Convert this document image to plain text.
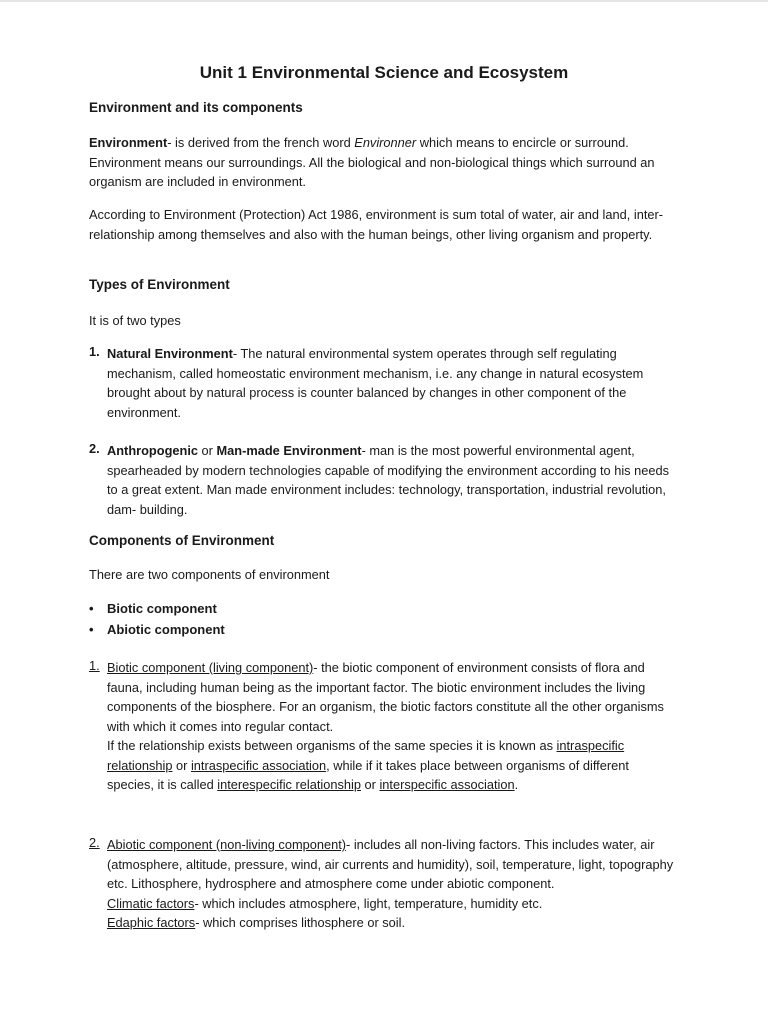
Unit 1 Environmental Science and Ecosystem
Environment and its components

Environment- is derived from the french word Environner which means to encircle or surround. Environment means our surroundings. All the biological and non-biological things which surround an organism are included in environment.

According to Environment (Protection) Act 1986, environment is sum total of water, air and land, inter-relationship among themselves and also with the human beings, other living organism and property.

Types of Environment

It is of two types

1. Natural Environment- The natural environmental system operates through self regulating mechanism, called homeostatic environment mechanism, i.e. any change in natural ecosystem brought about by natural process is counter balanced by changes in other component of the environment.

2. Anthropogenic or Man-made Environment- man is the most powerful environmental agent, spearheaded by modern technologies capable of modifying the environment according to his needs to a great extent. Man made environment includes: technology, transportation, industrial revolution, dam- building.

Components of Environment

There are two components of environment

• Biotic component
• Abiotic component
1. Biotic component (living component)- the biotic component of environment consists of flora and fauna, including human being as the important factor. The biotic environment includes the living components of the biosphere. For an organism, the biotic factors constitute all the other organisms with which it comes into regular contact.
If the relationship exists between organisms of the same species it is known as intraspecific relationship or intraspecific association, while if it takes place between organisms of different species, it is called interespecific relationship or interspecific association.
2. Abiotic component (non-living component)- includes all non-living factors. This includes water, air (atmosphere, altitude, pressure, wind, air currents and humidity), soil, temperature, light, topography etc. Lithosphere, hydrosphere and atmosphere come under abiotic component.
Climatic factors- which includes atmosphere, light, temperature, humidity etc.
Edaphic factors- which comprises lithosphere or soil.
